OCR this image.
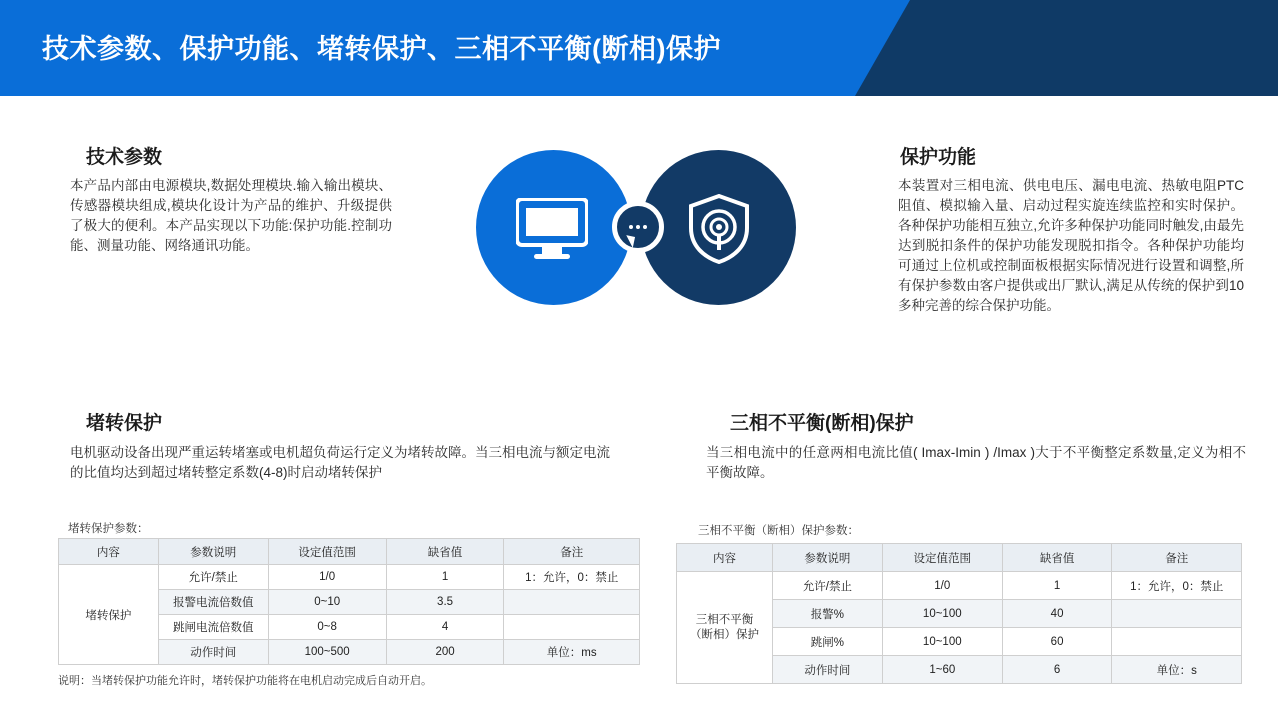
技术参数、保护功能、堵转保护、三相不平衡(断相)保护
技术参数
本产品内部由电源模块,数据处理模块.输入输出模块、传感器模块组成,模块化设计为产品的维护、升级提供了极大的便利。本产品实现以下功能:保护功能.控制功能、测量功能、网络通讯功能。
保护功能
本装置对三相电流、供电电压、漏电电流、热敏电阻PTC阻值、模拟输入量、启动过程实旋连续监控和实时保护。各种保护功能相互独立,允许多种保护功能同时触发,由最先达到脱扣条件的保护功能发现脱扣指令。各种保护功能均可通过上位机或控制面板根据实际情况进行设置和调整,所有保护参数由客户提供或出厂默认,满足从传统的保护到10多种完善的综合保护功能。
堵转保护
电机驱动设备出现严重运转堵塞或电机超负荷运行定义为堵转故障。当三相电流与额定电流的比值均达到超过堵转整定系数(4-8)时启动堵转保护
三相不平衡(断相)保护
当三相电流中的任意两相电流比值( Imax-Imin ) /Imax )大于不平衡整定系数量,定义为相不平衡故障。
堵转保护参数：
内容	参数说明	设定值范围	缺省值	备注
堵转保护	允许/禁止	1/0	1	1：允许，0：禁止
	报警电流倍数值	0~10	3.5	
	跳闸电流倍数值	0~8	4	
	动作时间	100~500	200	单位：ms
说明：当堵转保护功能允许时，堵转保护功能将在电机启动完成后自动开启。
三相不平衡（断相）保护参数：
内容	参数说明	设定值范围	缺省值	备注

三相不平衡
（断相）保护	允许/禁止	1/0	1	1：允许，0：禁止
	报警%	10~100	40	
	跳闸%	10~100	60	
	动作时间	1~60	6	单位：s
